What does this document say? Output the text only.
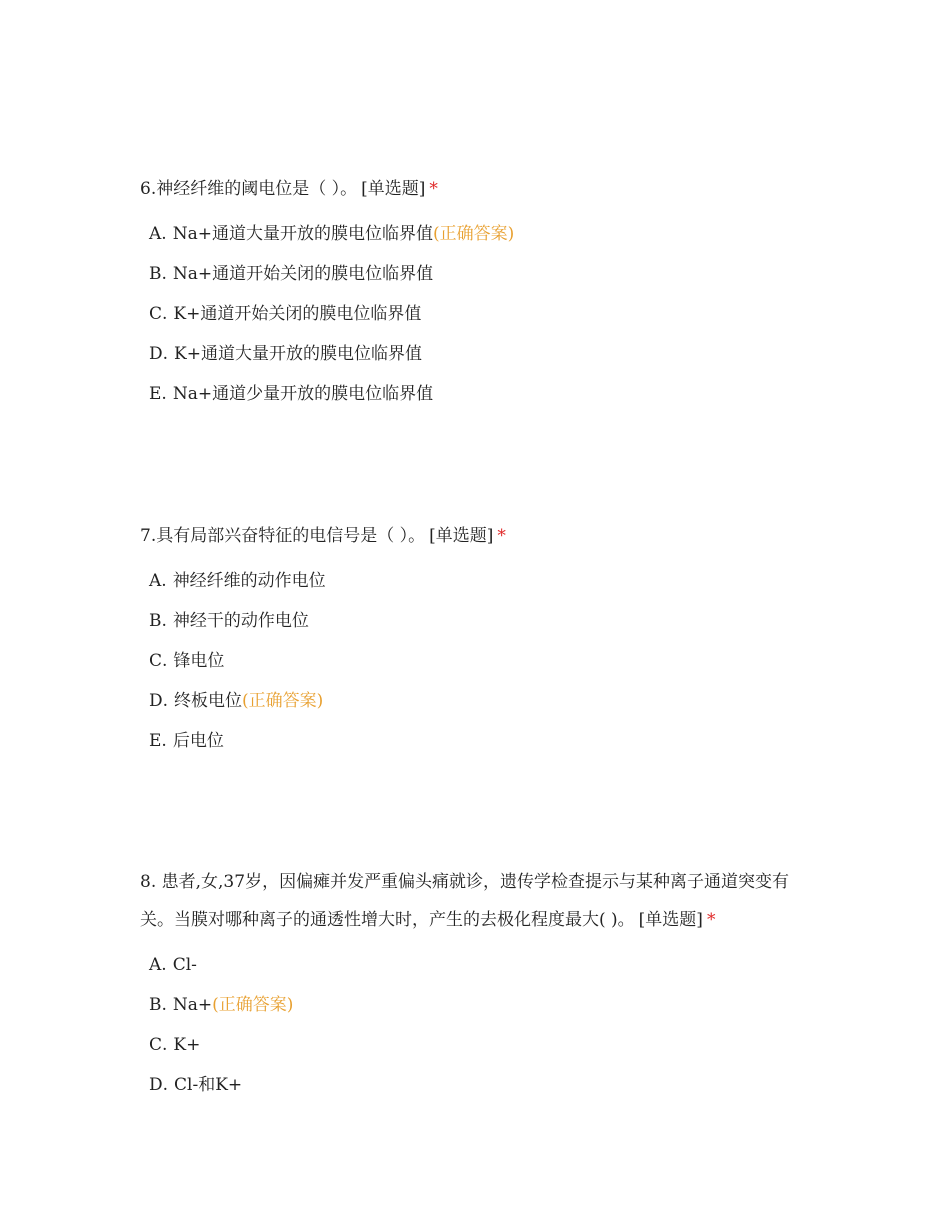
6.神经纤维的阈电位是（ ）。 [单选题] *
A. Na+通道大量开放的膜电位临界值(正确答案)
B. Na+通道开始关闭的膜电位临界值
C. K+通道开始关闭的膜电位临界值
D. K+通道大量开放的膜电位临界值
E. Na+通道少量开放的膜电位临界值
7.具有局部兴奋特征的电信号是（ ）。 [单选题] *
A. 神经纤维的动作电位
B. 神经干的动作电位
C. 锋电位
D. 终板电位(正确答案)
E. 后电位
8. 患者,女,37岁，因偏瘫并发严重偏头痛就诊，遗传学检查提示与某种离子通道突变有关。当膜对哪种离子的通透性增大时，产生的去极化程度最大( )。 [单选题] *
A. Cl-
B. Na+(正确答案)
C. K+
D. Cl-和K+
